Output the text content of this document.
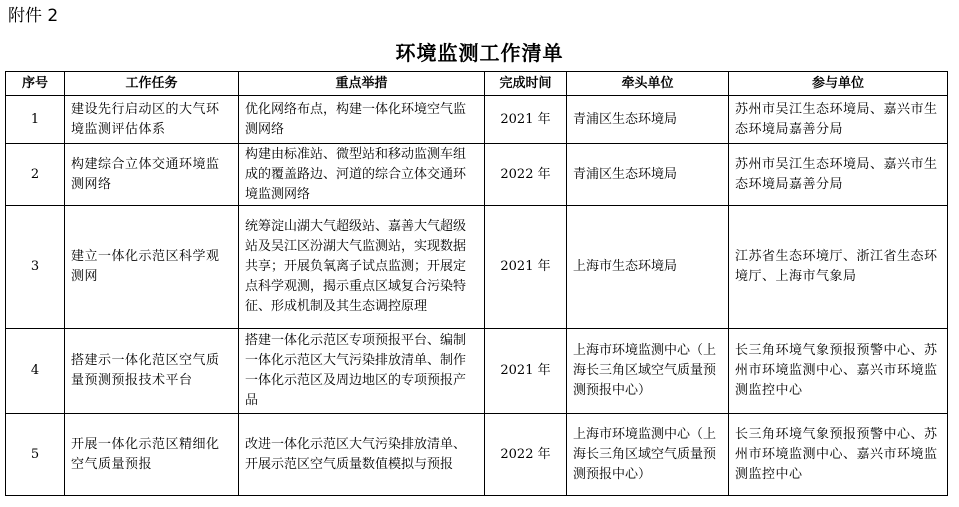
附件 2
环境监测工作清单
序号	工作任务	重点举措	完成时间	牵头单位	参与单位
1	建设先行启动区的大气环境监测评估体系	优化网络布点，构建一体化环境空气监测网络	2021 年	青浦区生态环境局	苏州市吴江生态环境局、嘉兴市生态环境局嘉善分局
2	构建综合立体交通环境监测网络	构建由标准站、微型站和移动监测车组成的覆盖路边、河道的综合立体交通环境监测网络	2022 年	青浦区生态环境局	苏州市吴江生态环境局、嘉兴市生态环境局嘉善分局
3	建立一体化示范区科学观测网	统筹淀山湖大气超级站、嘉善大气超级站及吴江区汾湖大气监测站，实现数据共享；开展负氧离子试点监测；开展定点科学观测，揭示重点区域复合污染特征、形成机制及其生态调控原理	2021 年	上海市生态环境局	江苏省生态环境厅、浙江省生态环境厅、上海市气象局
4	搭建示一体化范区空气质量预测预报技术平台	搭建一体化示范区专项预报平台、编制一体化示范区大气污染排放清单、制作一体化示范区及周边地区的专项预报产品	2021 年	上海市环境监测中心（上海长三角区域空气质量预测预报中心）	长三角环境气象预报预警中心、苏州市环境监测中心、嘉兴市环境监测监控中心
5	开展一体化示范区精细化空气质量预报	改进一体化示范区大气污染排放清单、开展示范区空气质量数值模拟与预报	2022 年	上海市环境监测中心（上海长三角区域空气质量预测预报中心）	长三角环境气象预报预警中心、苏州市环境监测中心、嘉兴市环境监测监控中心
